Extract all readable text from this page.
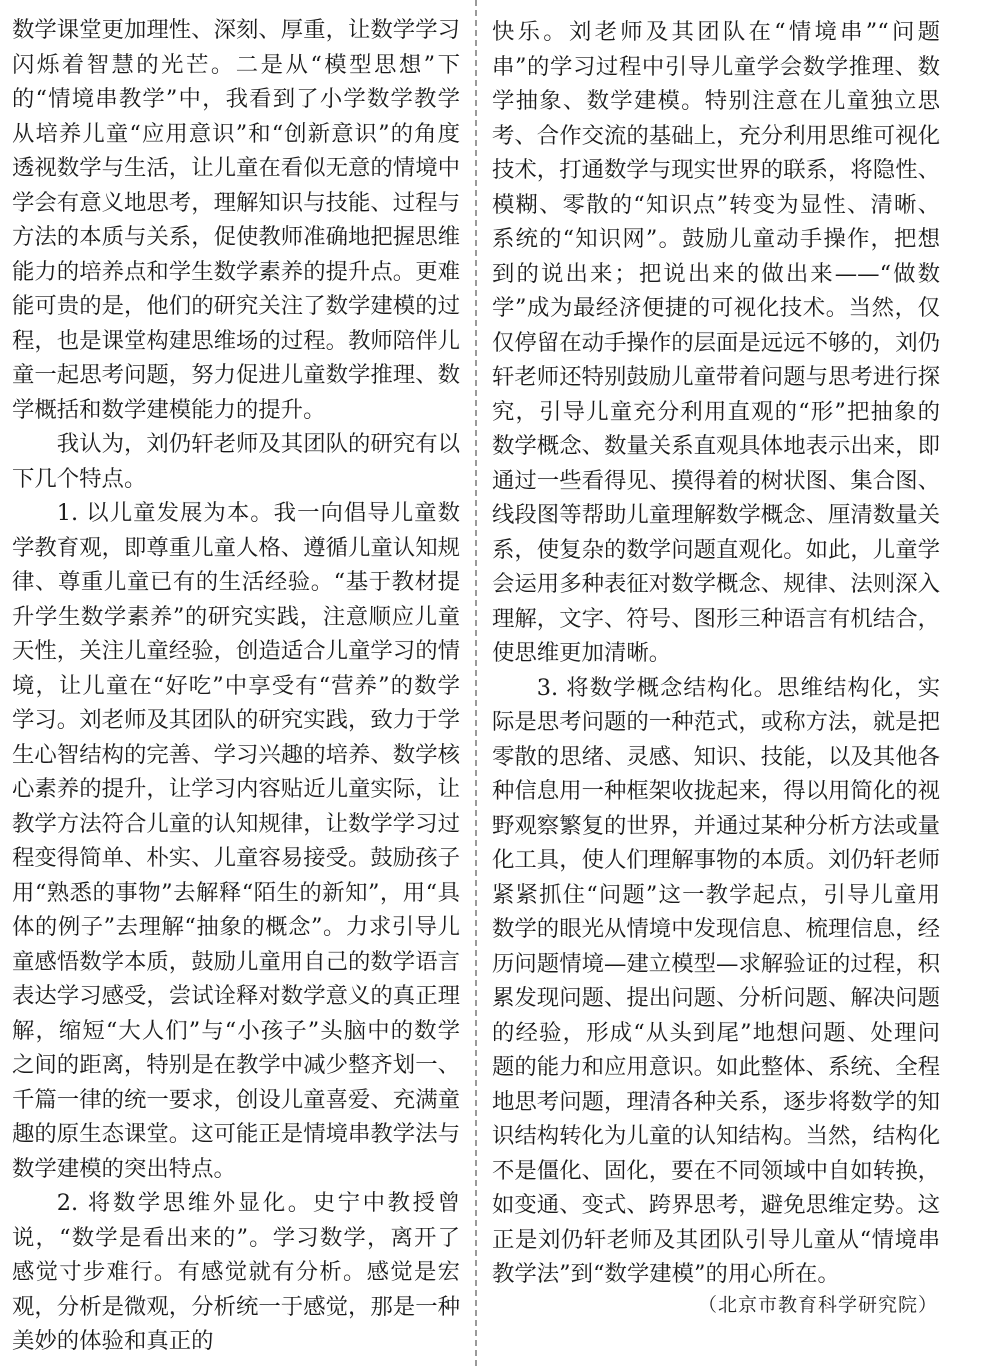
数学课堂更加理性、深刻、厚重，让数学学习闪烁着智慧的光芒。二是从“模型思想”下的“情境串教学”中，我看到了小学数学教学从培养儿童“应用意识”和“创新意识”的角度透视数学与生活，让儿童在看似无意的情境中学会有意义地思考，理解知识与技能、过程与方法的本质与关系，促使教师准确地把握思维能力的培养点和学生数学素养的提升点。更难能可贵的是，他们的研究关注了数学建模的过程，也是课堂构建思维场的过程。教师陪伴儿童一起思考问题，努力促进儿童数学推理、数学概括和数学建模能力的提升。

我认为，刘仍轩老师及其团队的研究有以下几个特点。

1. 以儿童发展为本。我一向倡导儿童数学教育观，即尊重儿童人格、遵循儿童认知规律、尊重儿童已有的生活经验。“基于教材提升学生数学素养”的研究实践，注意顺应儿童天性，关注儿童经验，创造适合儿童学习的情境，让儿童在“好吃”中享受有“营养”的数学学习。刘老师及其团队的研究实践，致力于学生心智结构的完善、学习兴趣的培养、数学核心素养的提升，让学习内容贴近儿童实际，让教学方法符合儿童的认知规律，让数学学习过程变得简单、朴实、儿童容易接受。鼓励孩子用“熟悉的事物”去解释“陌生的新知”，用“具体的例子”去理解“抽象的概念”。力求引导儿童感悟数学本质，鼓励儿童用自己的数学语言表达学习感受，尝试诠释对数学意义的真正理解，缩短“大人们”与“小孩子”头脑中的数学之间的距离，特别是在教学中减少整齐划一、千篇一律的统一要求，创设儿童喜爱、充满童趣的原生态课堂。这可能正是情境串教学法与数学建模的突出特点。

2. 将数学思维外显化。史宁中教授曾说，“数学是看出来的”。学习数学，离开了感觉寸步难行。有感觉就有分析。感觉是宏观，分析是微观，分析统一于感觉，那是一种美妙的体验和真正的

快乐。刘老师及其团队在“情境串”“问题串”的学习过程中引导儿童学会数学推理、数学抽象、数学建模。特别注意在儿童独立思考、合作交流的基础上，充分利用思维可视化技术，打通数学与现实世界的联系，将隐性、模糊、零散的“知识点”转变为显性、清晰、系统的“知识网”。鼓励儿童动手操作，把想到的说出来；把说出来的做出来——“做数学”成为最经济便捷的可视化技术。当然，仅仅停留在动手操作的层面是远远不够的，刘仍轩老师还特别鼓励儿童带着问题与思考进行探究，引导儿童充分利用直观的“形”把抽象的数学概念、数量关系直观具体地表示出来，即通过一些看得见、摸得着的树状图、集合图、线段图等帮助儿童理解数学概念、厘清数量关系，使复杂的数学问题直观化。如此，儿童学会运用多种表征对数学概念、规律、法则深入理解，文字、符号、图形三种语言有机结合，使思维更加清晰。

3. 将数学概念结构化。思维结构化，实际是思考问题的一种范式，或称方法，就是把零散的思绪、灵感、知识、技能，以及其他各种信息用一种框架收拢起来，得以用简化的视野观察繁复的世界，并通过某种分析方法或量化工具，使人们理解事物的本质。刘仍轩老师紧紧抓住“问题”这一教学起点，引导儿童用数学的眼光从情境中发现信息、梳理信息，经历问题情境—建立模型—求解验证的过程，积累发现问题、提出问题、分析问题、解决问题的经验，形成“从头到尾”地想问题、处理问题的能力和应用意识。如此整体、系统、全程地思考问题，理清各种关系，逐步将数学的知识结构转化为儿童的认知结构。当然，结构化不是僵化、固化，要在不同领域中自如转换，如变通、变式、跨界思考，避免思维定势。这正是刘仍轩老师及其团队引导儿童从“情境串教学法”到“数学建模”的用心所在。

（北京市教育科学研究院）
